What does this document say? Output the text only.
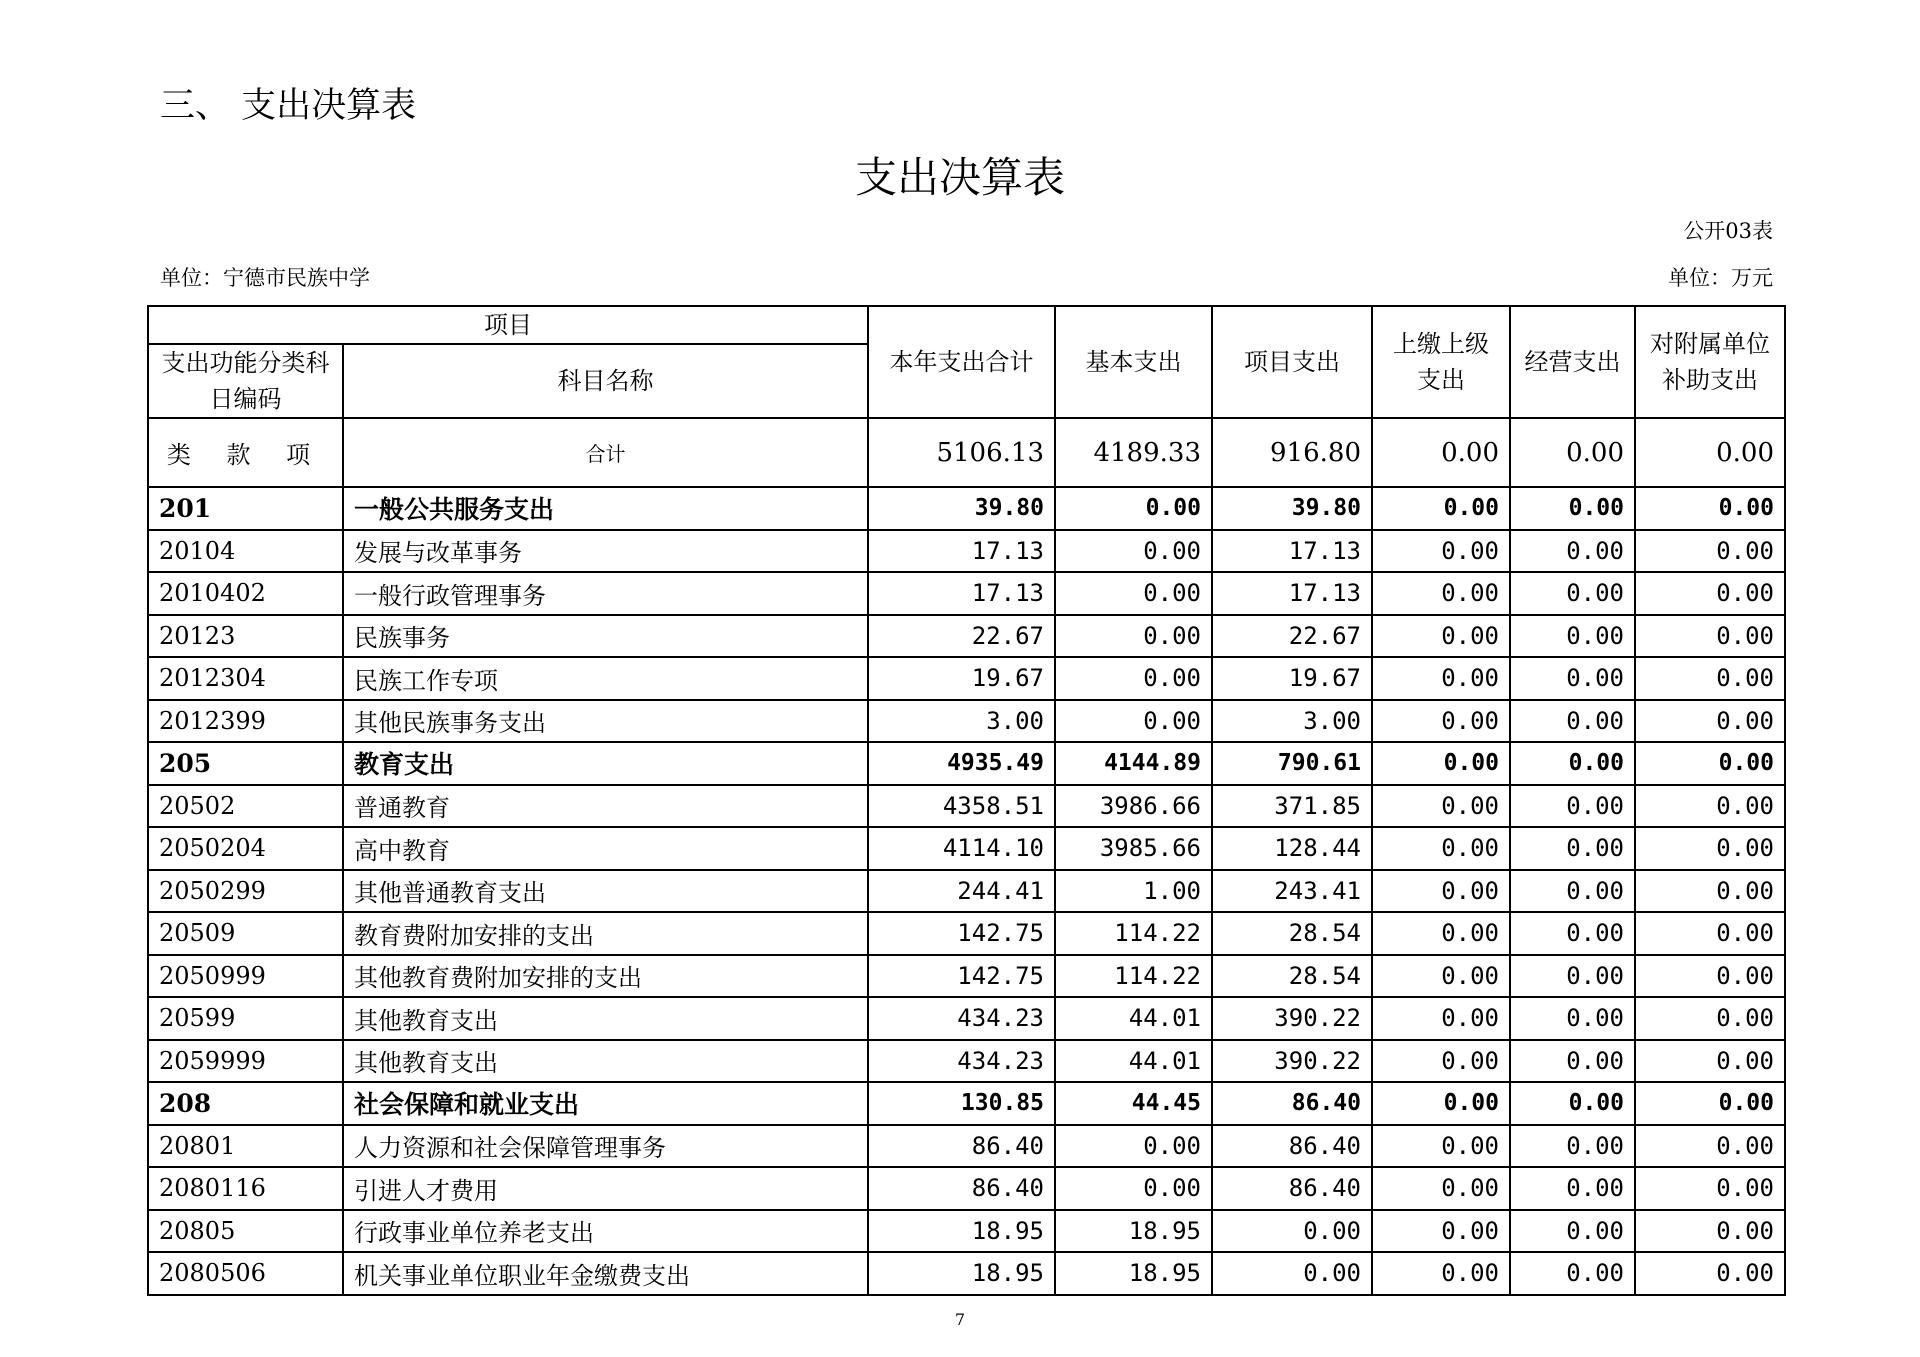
三、 支出决算表
支出决算表
公开03表
单位：宁德市民族中学	单位：万元
项目		本年支出合计	基本支出	项目支出	上缴上级支出	经营支出	对附属单位补助支出
支出功能分类科日编码	科目名称						
类 款 项	合计	5106.13	4189.33	916.80	0.00	0.00	0.00
201	一般公共服务支出	39.80	0.00	39.80	0.00	0.00	0.00
20104	发展与改革事务	17.13	0.00	17.13	0.00	0.00	0.00
2010402	一般行政管理事务	17.13	0.00	17.13	0.00	0.00	0.00
20123	民族事务	22.67	0.00	22.67	0.00	0.00	0.00
2012304	民族工作专项	19.67	0.00	19.67	0.00	0.00	0.00
2012399	其他民族事务支出	3.00	0.00	3.00	0.00	0.00	0.00
205	教育支出	4935.49	4144.89	790.61	0.00	0.00	0.00
20502	普通教育	4358.51	3986.66	371.85	0.00	0.00	0.00
2050204	高中教育	4114.10	3985.66	128.44	0.00	0.00	0.00
2050299	其他普通教育支出	244.41	1.00	243.41	0.00	0.00	0.00
20509	教育费附加安排的支出	142.75	114.22	28.54	0.00	0.00	0.00
2050999	其他教育费附加安排的支出	142.75	114.22	28.54	0.00	0.00	0.00
20599	其他教育支出	434.23	44.01	390.22	0.00	0.00	0.00
2059999	其他教育支出	434.23	44.01	390.22	0.00	0.00	0.00
208	社会保障和就业支出	130.85	44.45	86.40	0.00	0.00	0.00
20801	人力资源和社会保障管理事务	86.40	0.00	86.40	0.00	0.00	0.00
2080116	引进人才费用	86.40	0.00	86.40	0.00	0.00	0.00
20805	行政事业单位养老支出	18.95	18.95	0.00	0.00	0.00	0.00
2080506	机关事业单位职业年金缴费支出	18.95	18.95	0.00	0.00	0.00	0.00
7
